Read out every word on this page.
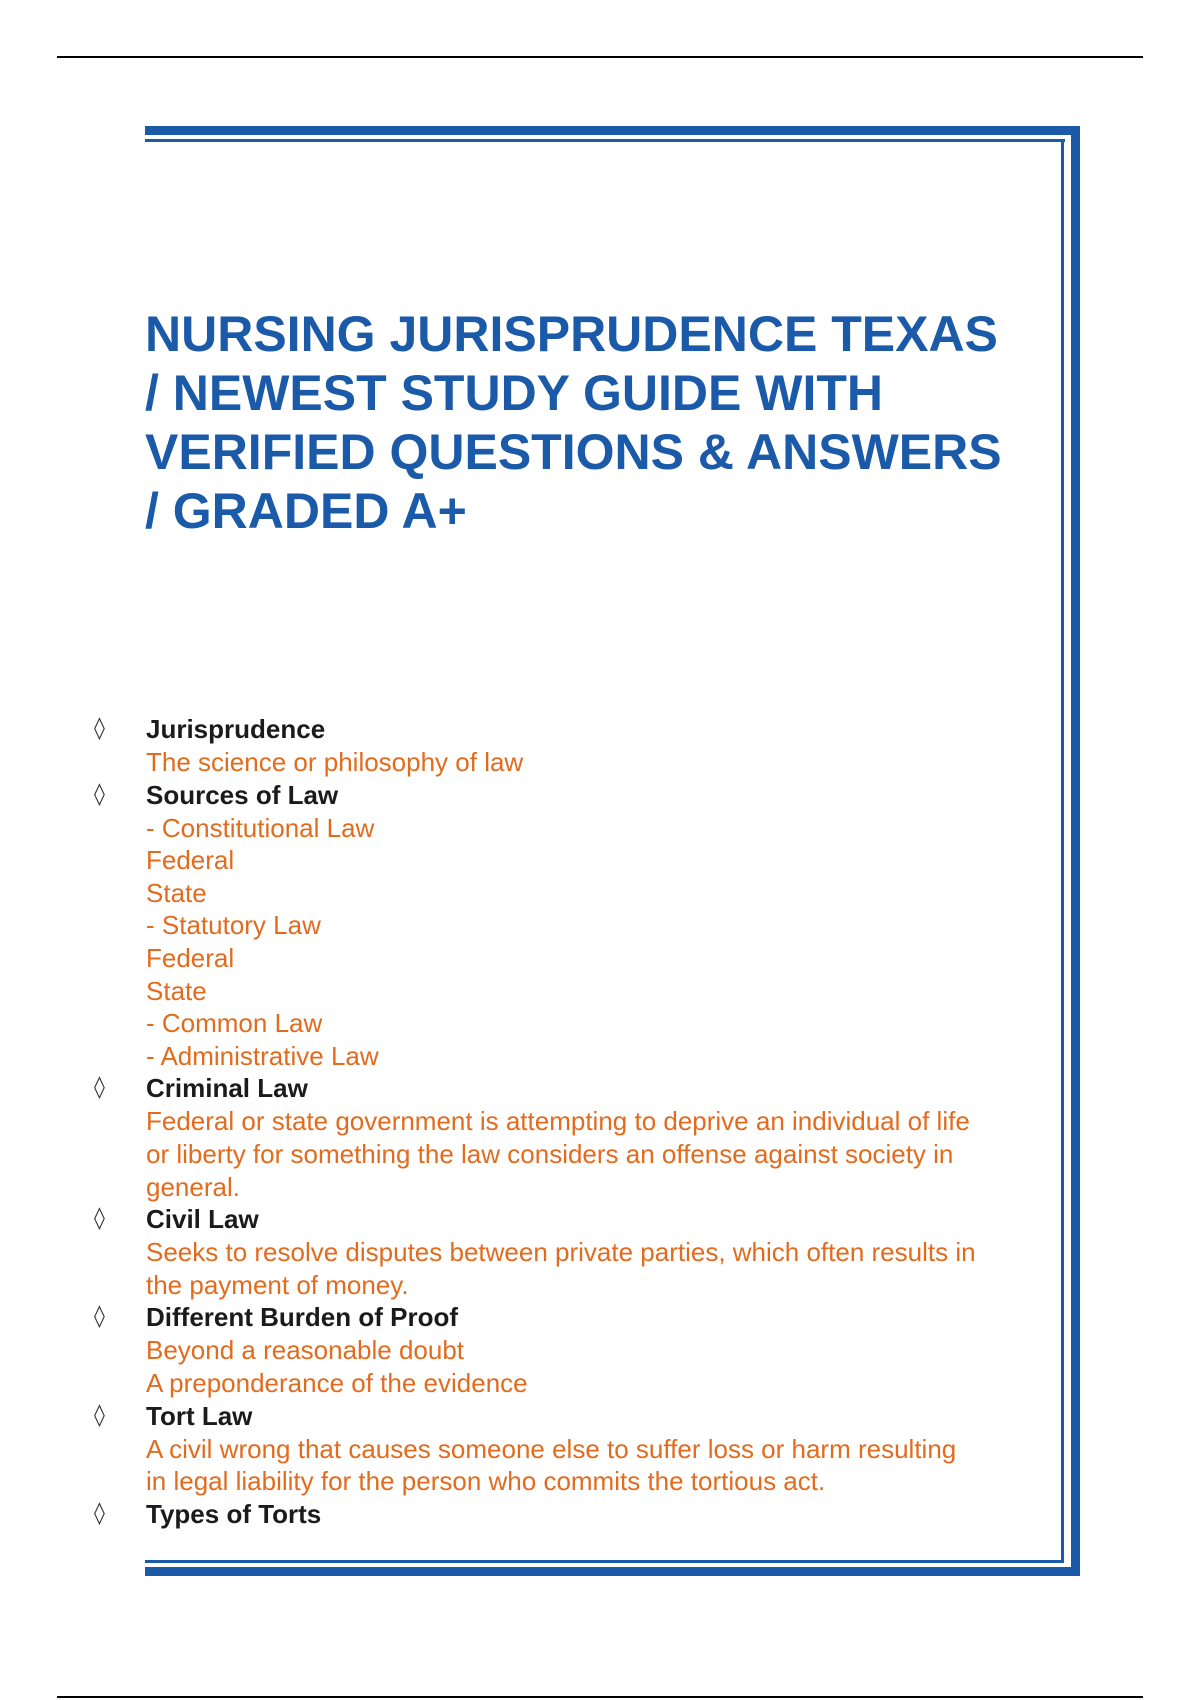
NURSING JURISPRUDENCE TEXAS
/ NEWEST STUDY GUIDE WITH
VERIFIED QUESTIONS & ANSWERS
/ GRADED A+
◊ Jurisprudence
The science or philosophy of law
◊ Sources of Law
- Constitutional Law
Federal
State
- Statutory Law
Federal
State
- Common Law
- Administrative Law
◊ Criminal Law
Federal or state government is attempting to deprive an individual of life
or liberty for something the law considers an offense against society in
general.
◊ Civil Law
Seeks to resolve disputes between private parties, which often results in
the payment of money.
◊ Different Burden of Proof
Beyond a reasonable doubt
A preponderance of the evidence
◊ Tort Law
A civil wrong that causes someone else to suffer loss or harm resulting
in legal liability for the person who commits the tortious act.
◊ Types of Torts
